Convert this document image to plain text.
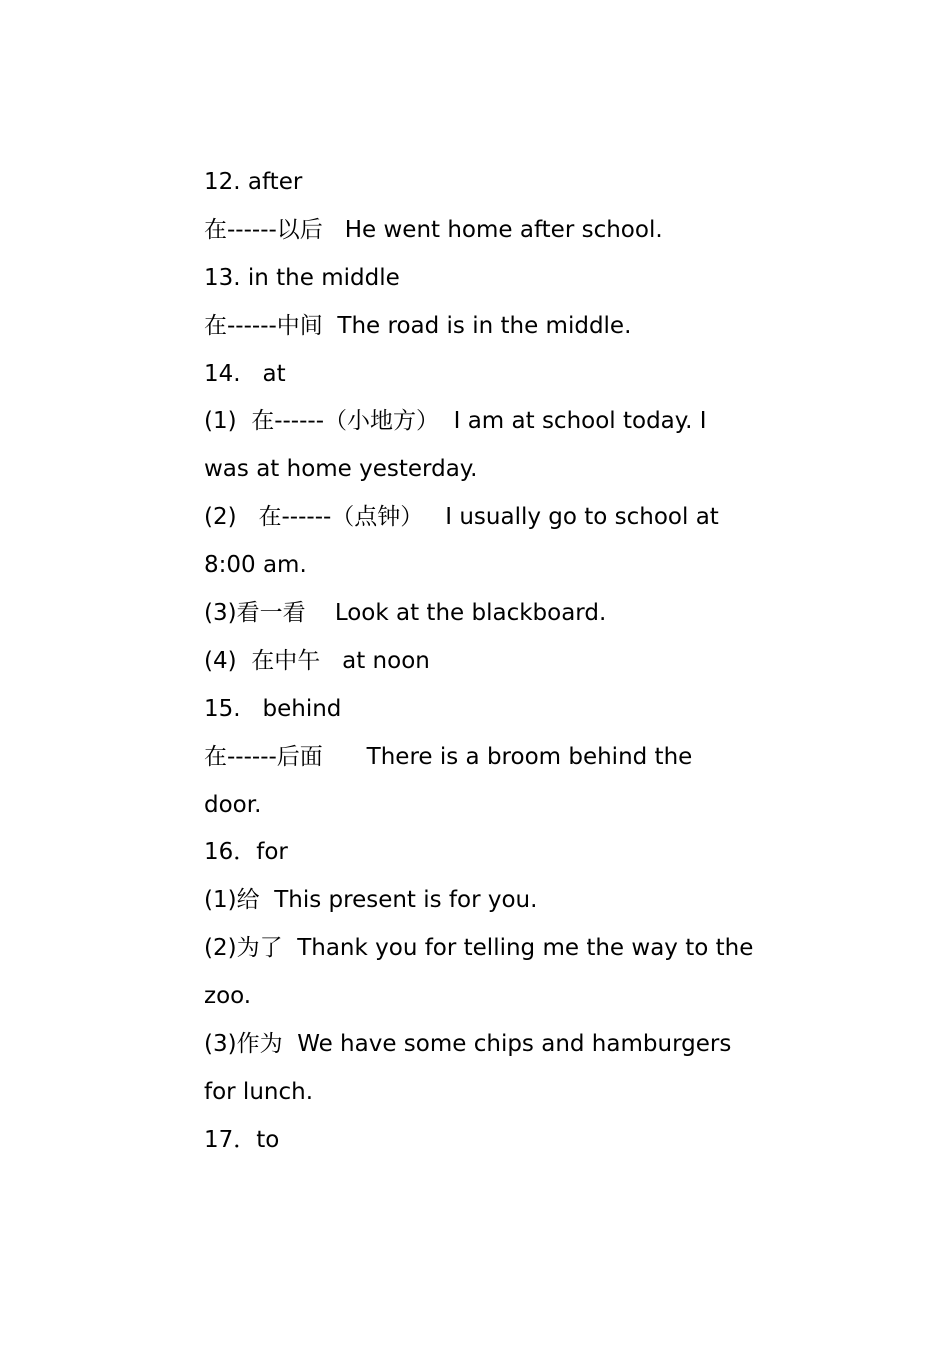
12. after
在------以后   He went home after school.
13. in the middle
在------中间  The road is in the middle.
14.   at
(1)  在------（小地方）  I am at school today. I
was at home yesterday.
(2)   在------（点钟）   I usually go to school at
8:00 am.
(3)看一看    Look at the blackboard.
(4)  在中午   at noon
15.   behind
在------后面      There is a broom behind the
door.
16．for
(1)给  This present is for you.
(2)为了  Thank you for telling me the way to the
zoo.
(3)作为  We have some chips and hamburgers
for lunch.
17．to
